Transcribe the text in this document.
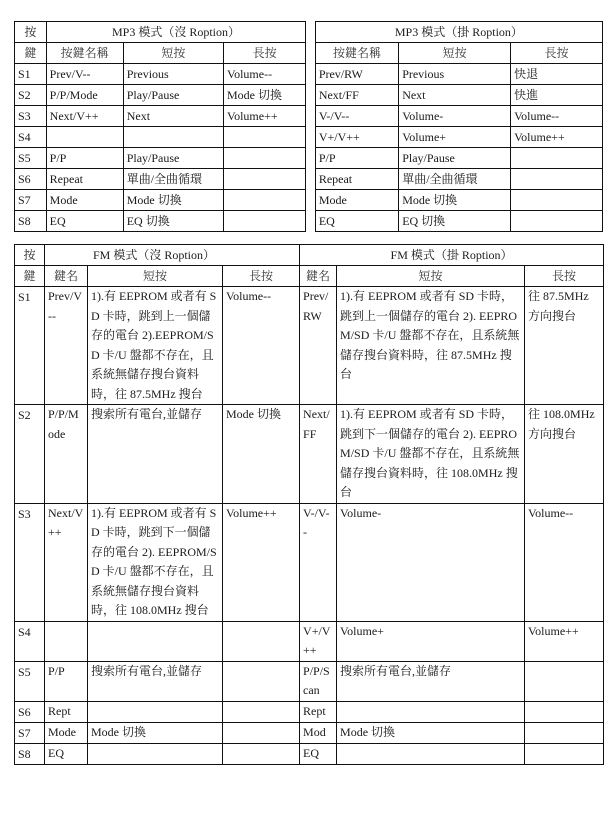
按	MP3 模式（沒 Roption）				MP3 模式（掛 Roption）		
鍵	按鍵名稱	短按	長按		按鍵名稱	短按	長按
S1	Prev/V--	Previous	Volume--		Prev/RW	Previous	快退
S2	P/P/Mode	Play/Pause	Mode 切換		Next/FF	Next	快進
S3	Next/V++	Next	Volume++		V-/V--	Volume-	Volume--
S4					V+/V++	Volume+	Volume++
S5	P/P	Play/Pause			P/P	Play/Pause	
S6	Repeat	單曲/全曲循環			Repeat	單曲/全曲循環	
S7	Mode	Mode 切換			Mode	Mode 切換	
S8	EQ	EQ 切換			EQ	EQ 切換	
按	FM 模式（沒 Roption）			FM 模式（掛 Roption）		
鍵	鍵名	短按	長按	鍵名	短按	長按
S1	Prev/V--	1).有 EEPROM 或者有 SD 卡時，跳到上一個儲存的電台 2).EEPROM/SD 卡/U 盤都不存在，且系統無儲存搜台資料時，往 87.5MHz 搜台	Volume--	Prev/RW	1).有 EEPROM 或者有 SD 卡時，跳到上一個儲存的電台 2). EEPROM/SD 卡/U 盤都不存在，且系統無儲存搜台資料時，往 87.5MHz 搜台	往 87.5MHz 方向搜台
S2	P/P/Mode	搜索所有電台,並儲存	Mode 切換	Next/FF	1).有 EEPROM 或者有 SD 卡時，跳到下一個儲存的電台 2). EEPROM/SD 卡/U 盤都不存在，且系統無儲存搜台資料時，往 108.0MHz 搜台	往 108.0MHz 方向搜台
S3	Next/V++	1).有 EEPROM 或者有 SD 卡時，跳到下一個儲存的電台 2). EEPROM/SD 卡/U 盤都不存在，且系統無儲存搜台資料時，往 108.0MHz 搜台	Volume++	V-/V--	Volume-	Volume--
S4				V+/V++	Volume+	Volume++
S5	P/P	搜索所有電台,並儲存		P/P/Scan	搜索所有電台,並儲存	
S6	Rept			Rept		
S7	Mode	Mode 切換		Mod	Mode 切換	
S8	EQ			EQ		
